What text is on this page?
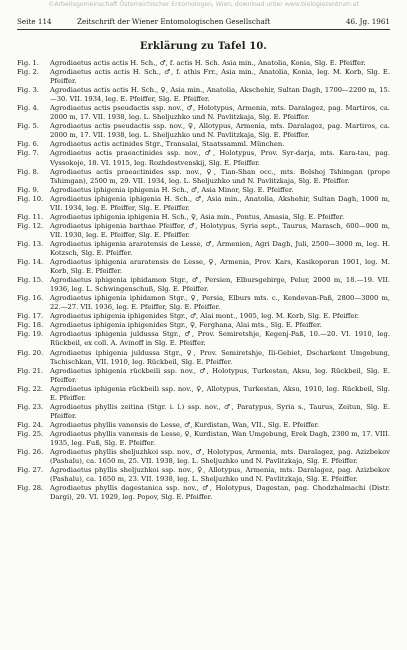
©Arbeitsgemeinschaft Österreichischer Entomologen, Wien, download unter www.biologiezentrum.at
Seite 114	Zeitschrift der Wiener Entomologischen Gesellschaft	46. Jg. 1961
Erklärung zu Tafel 10.
Fig. 1.	Agrodiaetus actis actis H. Sch., ♂, f. actis H. Sch. Asia min., Anatolia, Konia, Slg. E. Pfeiffer.
Fig. 2.	Agrodiaetus actis actis H. Sch., ♂, f. athis Frr., Asia min., Anatolia, Konia, leg. M. Korb, Slg. E. Pfeiffer.
Fig. 3.	Agrodiaetus actis actis H. Sch., ♀, Asia min., Anatolia, Akschehir, Sultan Dagh, 1700—2200 m, 15.—30. VII. 1934, leg. E. Pfeiffer, Slg. E. Pfeiffer.
Fig. 4.	Agrodiaetus actis pseudactis ssp. nov., ♂, Holotypus, Armenia, mts. Daralagez, pag. Martiros, ca. 2000 m, 17. VII. 1938, leg. L. Sheljuzhko und N. Pavlitzkaja, Slg. E. Pfeiffer.
Fig. 5.	Agrodiaetus actis pseudactis ssp. nov., ♀, Allotypus, Armenia, mts. Daralagez, pag. Martiros, ca. 2000 m, 17. VII. 1938, leg. L. Sheljuzhko und N. Pavlitzkaja, Slg. E. Pfeiffer.
Fig. 6.	Agrodiaetus actis actinides Stgr., Transalai, Staatssamml. München.
Fig. 7.	Agrodiaetus actis praeactinides ssp. nov., ♂, Holotypus, Prov. Syr-darja, mts. Kara-tau, pag. Vyssokoje, 18. VI. 1915, leg. Rozhdestvenskij, Slg. E. Pfeiffer.
Fig. 8.	Agrodiaetus actis praeactinides ssp. nov., ♀, Tian-Shan occ., mts. Bolshoj Tshimgan (prope Tshimgan), 2500 m, 29. VII. 1934, leg. L. Sheljuzhko und N. Pavlitzkaja, Slg. E. Pfeiffer.
Fig. 9.	Agrodiaetus iphigenia iphigenia H. Sch., ♂, Asia Minor, Slg. E. Pfeiffer.
Fig. 10.	Agrodiaetus iphigenia iphigenia H. Sch., ♂, Asia min., Anatolia, Akshehir, Sultan Dagh, 1000 m, VII. 1934, leg. E. Pfeiffer, Slg. E. Pfeiffer.
Fig. 11.	Agrodiaetus iphigenia iphigenia H. Sch., ♀, Asia min., Pontus, Amasia, Slg. E. Pfeiffer.
Fig. 12.	Agrodiaetus iphigenia barthae Pfeiffer, ♂, Holotypus, Syria sept., Taurus, Marasch, 600—900 m, VII. 1930, leg. E. Pfeiffer, Slg. E. Pfeiffer.
Fig. 13.	Agrodiaetus iphigenia araratensis de Lesse, ♂, Armenien, Agri Dagh, Juli, 2500—3000 m, leg. H. Kotzsch, Slg. E. Pfeiffer.
Fig. 14.	Agrodiaetus iphigenia araratensis de Lesse, ♀, Armenia, Prov. Kars, Kasikoporan 1901, leg. M. Korb, Slg. E. Pfeiffer.
Fig. 15.	Agrodiaetus iphigenia iphidamon Stgr., ♂, Persien, Elbursgebirge, Pelur, 2000 m, 18.—19. VII. 1936, leg. L. Schwingenschuß, Slg. E. Pfeiffer.
Fig. 16.	Agrodiaetus iphigenia iphidamon Stgr., ♀, Persia, Elburs mts. c., Kendevan-Paß, 2800—3000 m, 22.—27. VII. 1936, leg. E. Pfeiffer, Slg. E. Pfeiffer.
Fig. 17.	Agrodiaetus iphigenia iphigenides Stgr., ♂, Alai mont., 1905, leg. M. Korb, Slg. E. Pfeiffer.
Fig. 18.	Agrodiaetus iphigenia iphigenides Stgr., ♀, Ferghana, Alai mts., Slg. E. Pfeiffer.
Fig. 19.	Agrodiaetus iphigenia juldussa Stgr., ♂, Prov. Semiretshje, Kegenj-Paß, 10.—20. VI. 1910, leg. Rückbeil, ex coll. A. Avinoff in Slg. E. Pfeiffer.
Fig. 20.	Agrodiaetus iphigenia juldussa Stgr., ♀, Prov. Semiretshje, Ili-Gebiet, Dscharkent Umgebung, Tschischkan, VII. 1910, leg. Rückbeil, Slg. E. Pfeiffer.
Fig. 21.	Agrodiaetus iphigenia rückbeili ssp. nov., ♂, Holotypus, Turkestan, Aksu, leg. Rückbeil, Slg. E. Pfeiffer.
Fig. 22.	Agrodiaetus iphigenia rückbeili ssp. nov., ♀, Allotypus, Turkestan, Aksu, 1910, leg. Rückbeil, Slg. E. Pfeiffer.
Fig. 23.	Agrodiaetus phyllis zeitina (Stgr. i. l.) ssp. nov., ♂, Paratypus, Syria s., Taurus, Zeitun, Slg. E. Pfeiffer.
Fig. 24.	Agrodiaetus phyllis vanensis de Lesse, ♂, Kurdistan, Wan, VII., Slg. E. Pfeiffer.
Fig. 25.	Agrodiaetus phyllis vanensis de Lesse, ♀, Kurdistan, Wan Umgebung, Erek Dagh, 2300 m, 17. VIII. 1935, leg. Fuß, Slg. E. Pfeiffer.
Fig. 26.	Agrodiaetus phyllis sheljuzhkoi ssp. nov., ♂, Holotypus, Armenia, mts. Daralagez, pag. Azizbekov (Pashalu), ca. 1650 m, 25. VII. 1938, leg. L. Sheljuzhko und N. Pavlitzkaja, Slg. E. Pfeiffer.
Fig. 27.	Agrodiaetus phyllis sheljuzhkoi ssp. nov., ♀, Allotypus, Armenia, mts. Daralagez, pag. Azizbekov (Pashalu), ca. 1650 m, 23. VII. 1938, leg. L. Sheljuzhko und N. Pavlitzkaja, Slg. E. Pfeiffer.
Fig. 28.	Agrodiaetus phyllis dagestanica ssp. nov., ♂, Holotypus, Dagestan, pag. Chodzhalmachi (Distr. Dargi), 29. VI. 1929, leg. Popov, Slg. E. Pfeiffer.
